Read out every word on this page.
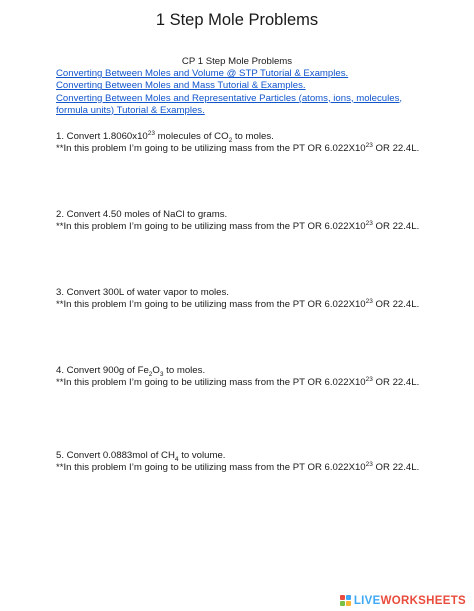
1 Step Mole Problems
CP 1 Step Mole Problems
Converting Between Moles and Volume @ STP Tutorial & Examples.
Converting Between Moles and Mass Tutorial & Examples.
Converting Between Moles and Representative Particles (atoms, ions, molecules,
formula units) Tutorial & Examples.
1. Convert $1.8060x10^{23}$ molecules of $CO_2$ to moles.
**In this problem I’m going to be utilizing mass from the PT OR $6.022X10^{23}$ OR 22.4L.
2. Convert 4.50 moles of NaCl to grams.
**In this problem I’m going to be utilizing mass from the PT OR $6.022X10^{23}$ OR 22.4L.
3. Convert 300L of water vapor to moles.
**In this problem I’m going to be utilizing mass from the PT OR $6.022X10^{23}$ OR 22.4L.
4. Convert 900g of $Fe_2O_3$ to moles.
**In this problem I’m going to be utilizing mass from the PT OR $6.022X10^{23}$ OR 22.4L.
5. Convert 0.0883mol of $CH_4$ to volume.
**In this problem I’m going to be utilizing mass from the PT OR $6.022X10^{23}$ OR 22.4L.
LIVE WORKSHEETS
